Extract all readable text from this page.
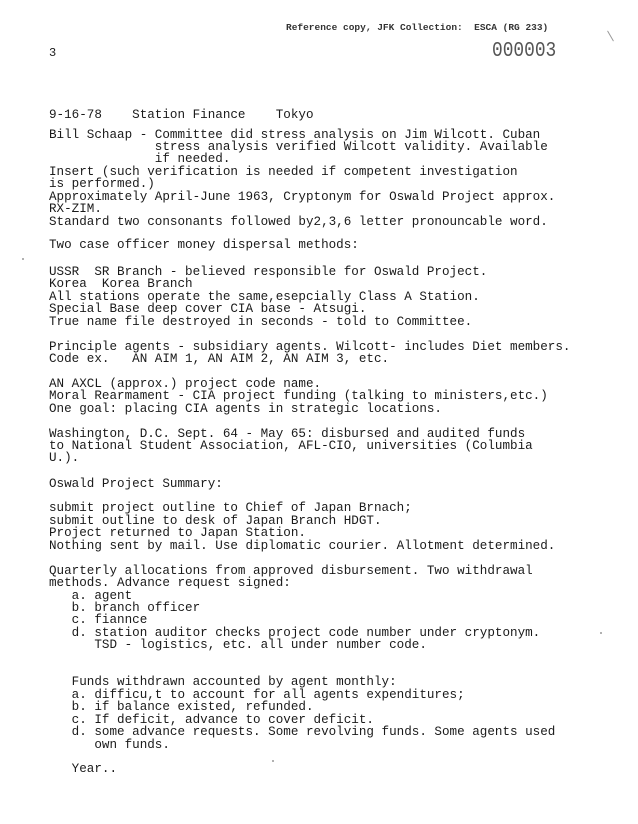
Reference copy, JFK Collection:  ESCA (RG 233)
3	000003
9-16-78    Station Finance    Tokyo
Bill Schaap - Committee did stress analysis on Jim Wilcott. Cuban
stress analysis verified Wilcott validity. Available
if needed.
Insert (such verification is needed if competent investigation
is performed.)
Approximately April-June 1963, Cryptonym for Oswald Project approx.
RX-ZIM.
Standard two consonants followed by2,3,6 letter pronouncable word.
Two case officer money dispersal methods:
USSR  SR Branch - believed responsible for Oswald Project.
Korea  Korea Branch
All stations operate the same,esepcially Class A Station.
Special Base deep cover CIA base - Atsugi.
True name file destroyed in seconds - told to Committee.
Principle agents - subsidiary agents. Wilcott- includes Diet members.
Code ex.   AN AIM 1, AN AIM 2, AN AIM 3, etc.
AN AXCL (approx.) project code name.
Moral Rearmament - CIA project funding (talking to ministers,etc.)
One goal: placing CIA agents in strategic locations.
Washington, D.C. Sept. 64 - May 65: disbursed and audited funds
to National Student Association, AFL-CIO, universities (Columbia
U.).
Oswald Project Summary:
submit project outline to Chief of Japan Brnach;
submit outline to desk of Japan Branch HDGT.
Project returned to Japan Station.
Nothing sent by mail. Use diplomatic courier. Allotment determined.
Quarterly allocations from approved disbursement. Two withdrawal
methods. Advance request signed:
a. agent
b. branch officer
c. fiannce
d. station auditor checks project code number under cryptonym.
TSD - logistics, etc. all under number code.
Funds withdrawn accounted by agent monthly:
a. difficu,t to account for all agents expenditures;
b. if balance existed, refunded.
c. If deficit, advance to cover deficit.
d. some advance requests. Some revolving funds. Some agents used
own funds.
Year..
